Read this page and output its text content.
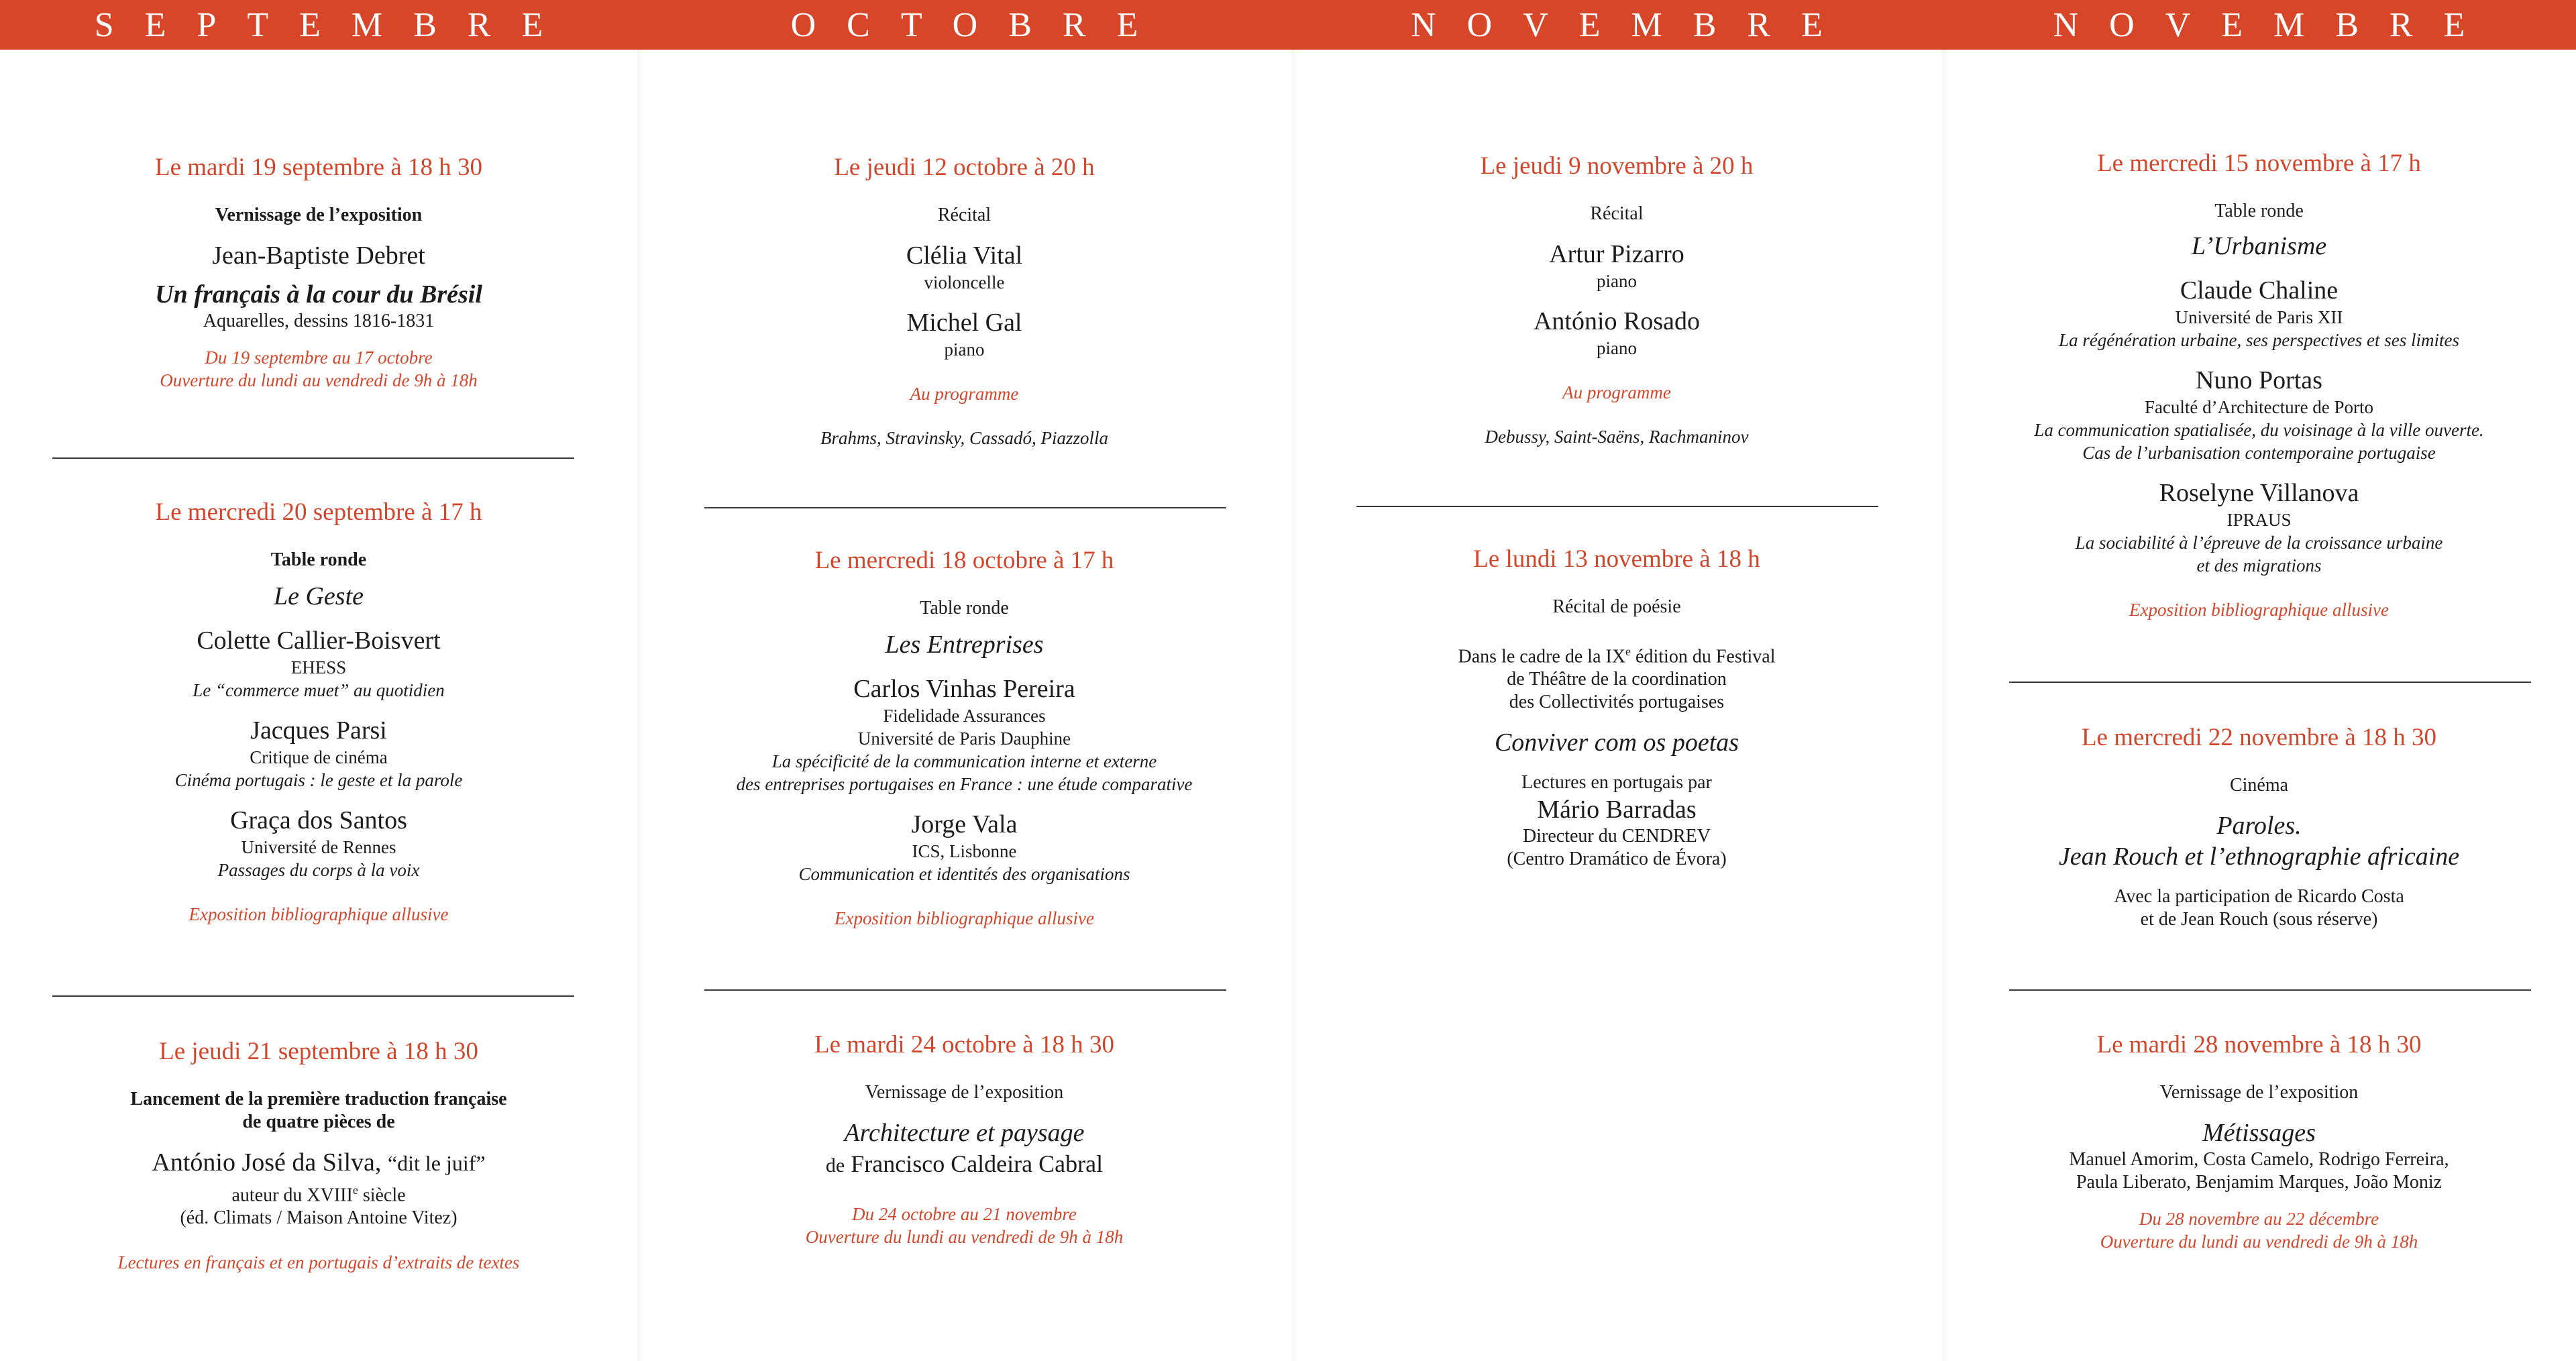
SEPTEMBRE
Le mardi 19 septembre à 18 h 30
Vernissage de l’exposition
Jean-Baptiste Debret
Un français à la cour du Brésil
Aquarelles, dessins 1816-1831
Du 19 septembre au 17 octobre
Ouverture du lundi au vendredi de 9h à 18h
Le mercredi 20 septembre à 17 h
Table ronde
Le Geste
Colette Callier-Boisvert
EHESS
Le “commerce muet” au quotidien
Jacques Parsi
Critique de cinéma
Cinéma portugais : le geste et la parole
Graça dos Santos
Université de Rennes
Passages du corps à la voix
Exposition bibliographique allusive
Le jeudi 21 septembre à 18 h 30
Lancement de la première traduction française
de quatre pièces de
António José da Silva, “dit le juif”
auteur du XVIIIe siècle
(éd. Climats / Maison Antoine Vitez)
Lectures en français et en portugais d’extraits de textes
OCTOBRE
Le jeudi 12 octobre à 20 h
Récital
Clélia Vital
violoncelle
Michel Gal
piano
Au programme
Brahms, Stravinsky, Cassadó, Piazzolla
Le mercredi 18 octobre à 17 h
Table ronde
Les Entreprises
Carlos Vinhas Pereira
Fidelidade Assurances
Université de Paris Dauphine
La spécificité de la communication interne et externe
des entreprises portugaises en France : une étude comparative
Jorge Vala
ICS, Lisbonne
Communication et identités des organisations
Exposition bibliographique allusive
Le mardi 24 octobre à 18 h 30
Vernissage de l’exposition
Architecture et paysage
de Francisco Caldeira Cabral
Du 24 octobre au 21 novembre
Ouverture du lundi au vendredi de 9h à 18h
NOVEMBRE
Le jeudi 9 novembre à 20 h
Récital
Artur Pizarro
piano
António Rosado
piano
Au programme
Debussy, Saint-Saëns, Rachmaninov
Le lundi 13 novembre à 18 h
Récital de poésie
Dans le cadre de la IXe édition du Festival
de Théâtre de la coordination
des Collectivités portugaises
Conviver com os poetas
Lectures en portugais par
Mário Barradas
Directeur du CENDREV
(Centro Dramático de Évora)
NOVEMBRE
Le mercredi 15 novembre à 17 h
Table ronde
L’Urbanisme
Claude Chaline
Université de Paris XII
La régénération urbaine, ses perspectives et ses limites
Nuno Portas
Faculté d’Architecture de Porto
La communication spatialisée, du voisinage à la ville ouverte.
Cas de l’urbanisation contemporaine portugaise
Roselyne Villanova
IPRAUS
La sociabilité à l’épreuve de la croissance urbaine
et des migrations
Exposition bibliographique allusive
Le mercredi 22 novembre à 18 h 30
Cinéma
Paroles.
Jean Rouch et l’ethnographie africaine
Avec la participation de Ricardo Costa
et de Jean Rouch (sous réserve)
Le mardi 28 novembre à 18 h 30
Vernissage de l’exposition
Métissages
Manuel Amorim, Costa Camelo, Rodrigo Ferreira,
Paula Liberato, Benjamim Marques, João Moniz
Du 28 novembre au 22 décembre
Ouverture du lundi au vendredi de 9h à 18h
